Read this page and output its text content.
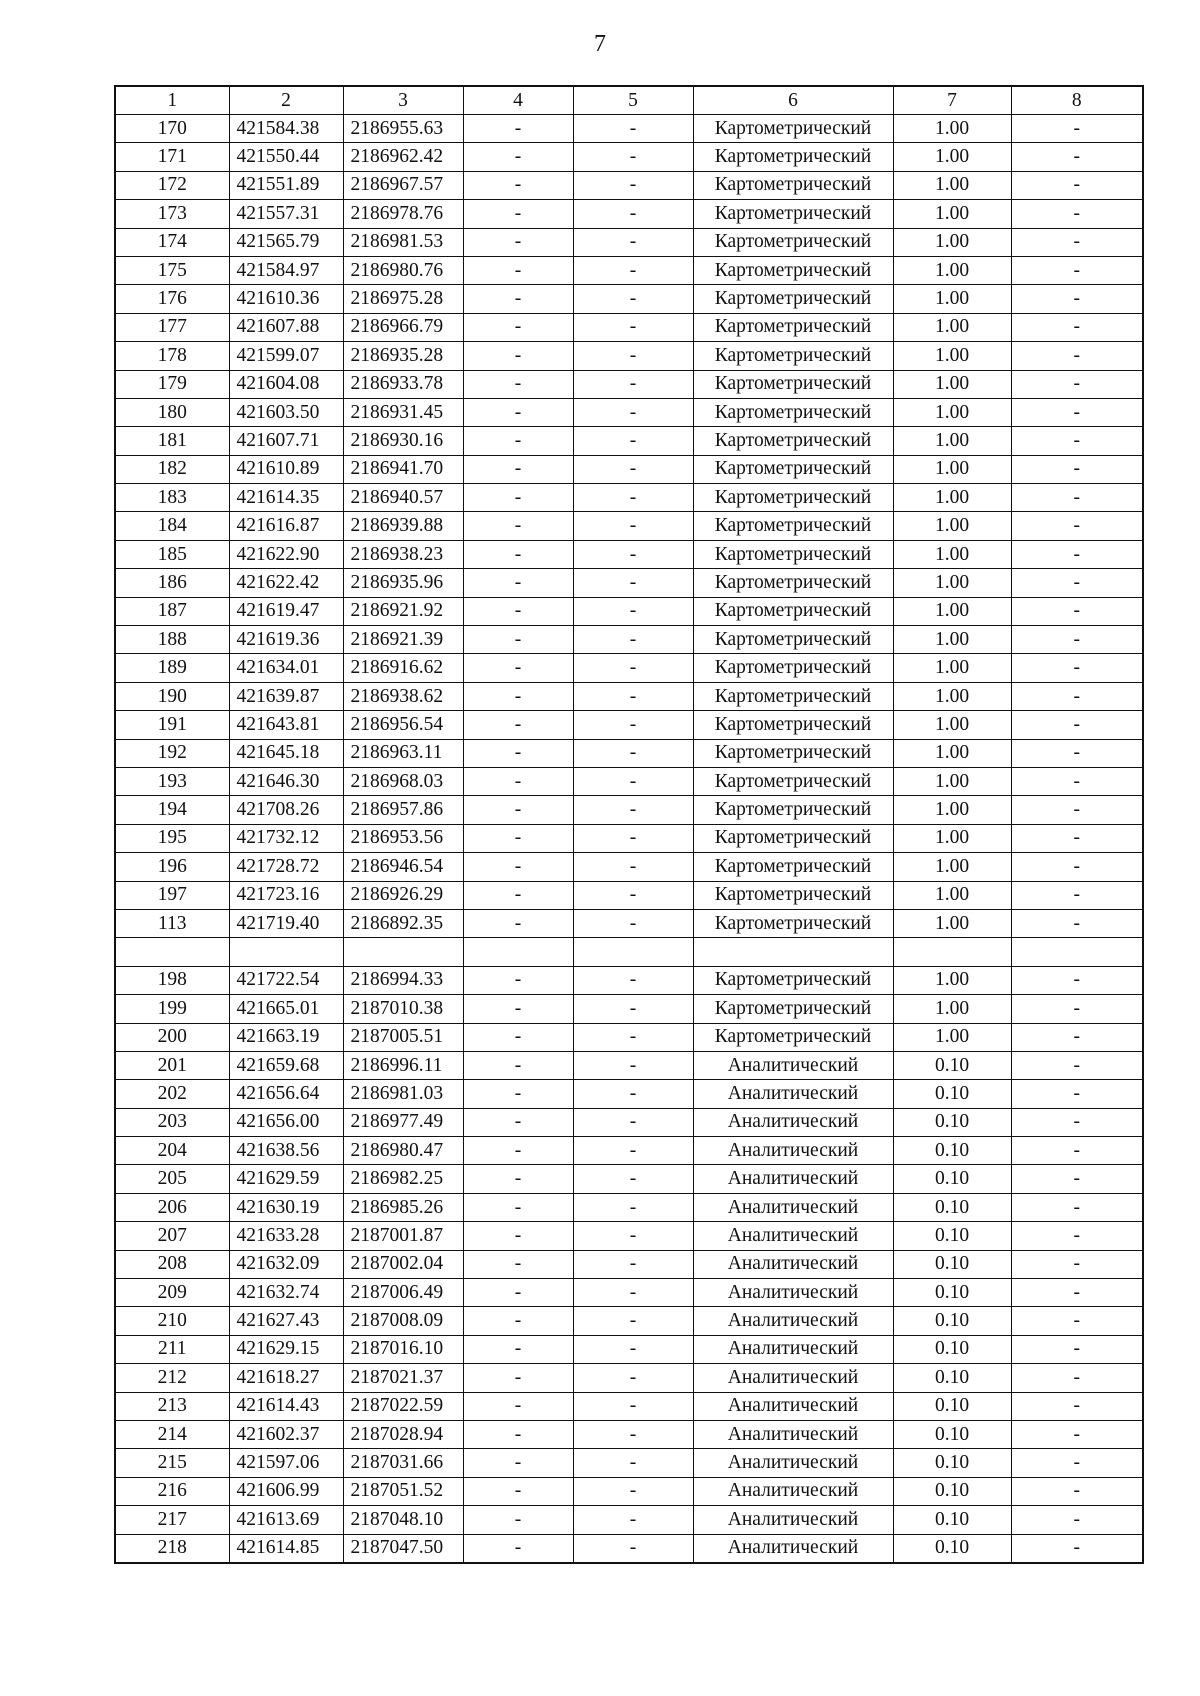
7
1	2	3	4	5	6	7	8
170	421584.38	2186955.63	-	-	Картометрический	1.00	-
171	421550.44	2186962.42	-	-	Картометрический	1.00	-
172	421551.89	2186967.57	-	-	Картометрический	1.00	-
173	421557.31	2186978.76	-	-	Картометрический	1.00	-
174	421565.79	2186981.53	-	-	Картометрический	1.00	-
175	421584.97	2186980.76	-	-	Картометрический	1.00	-
176	421610.36	2186975.28	-	-	Картометрический	1.00	-
177	421607.88	2186966.79	-	-	Картометрический	1.00	-
178	421599.07	2186935.28	-	-	Картометрический	1.00	-
179	421604.08	2186933.78	-	-	Картометрический	1.00	-
180	421603.50	2186931.45	-	-	Картометрический	1.00	-
181	421607.71	2186930.16	-	-	Картометрический	1.00	-
182	421610.89	2186941.70	-	-	Картометрический	1.00	-
183	421614.35	2186940.57	-	-	Картометрический	1.00	-
184	421616.87	2186939.88	-	-	Картометрический	1.00	-
185	421622.90	2186938.23	-	-	Картометрический	1.00	-
186	421622.42	2186935.96	-	-	Картометрический	1.00	-
187	421619.47	2186921.92	-	-	Картометрический	1.00	-
188	421619.36	2186921.39	-	-	Картометрический	1.00	-
189	421634.01	2186916.62	-	-	Картометрический	1.00	-
190	421639.87	2186938.62	-	-	Картометрический	1.00	-
191	421643.81	2186956.54	-	-	Картометрический	1.00	-
192	421645.18	2186963.11	-	-	Картометрический	1.00	-
193	421646.30	2186968.03	-	-	Картометрический	1.00	-
194	421708.26	2186957.86	-	-	Картометрический	1.00	-
195	421732.12	2186953.56	-	-	Картометрический	1.00	-
196	421728.72	2186946.54	-	-	Картометрический	1.00	-
197	421723.16	2186926.29	-	-	Картометрический	1.00	-
113	421719.40	2186892.35	-	-	Картометрический	1.00	-

198	421722.54	2186994.33	-	-	Картометрический	1.00	-
199	421665.01	2187010.38	-	-	Картометрический	1.00	-
200	421663.19	2187005.51	-	-	Картометрический	1.00	-
201	421659.68	2186996.11	-	-	Аналитический	0.10	-
202	421656.64	2186981.03	-	-	Аналитический	0.10	-
203	421656.00	2186977.49	-	-	Аналитический	0.10	-
204	421638.56	2186980.47	-	-	Аналитический	0.10	-
205	421629.59	2186982.25	-	-	Аналитический	0.10	-
206	421630.19	2186985.26	-	-	Аналитический	0.10	-
207	421633.28	2187001.87	-	-	Аналитический	0.10	-
208	421632.09	2187002.04	-	-	Аналитический	0.10	-
209	421632.74	2187006.49	-	-	Аналитический	0.10	-
210	421627.43	2187008.09	-	-	Аналитический	0.10	-
211	421629.15	2187016.10	-	-	Аналитический	0.10	-
212	421618.27	2187021.37	-	-	Аналитический	0.10	-
213	421614.43	2187022.59	-	-	Аналитический	0.10	-
214	421602.37	2187028.94	-	-	Аналитический	0.10	-
215	421597.06	2187031.66	-	-	Аналитический	0.10	-
216	421606.99	2187051.52	-	-	Аналитический	0.10	-
217	421613.69	2187048.10	-	-	Аналитический	0.10	-
218	421614.85	2187047.50	-	-	Аналитический	0.10	-
